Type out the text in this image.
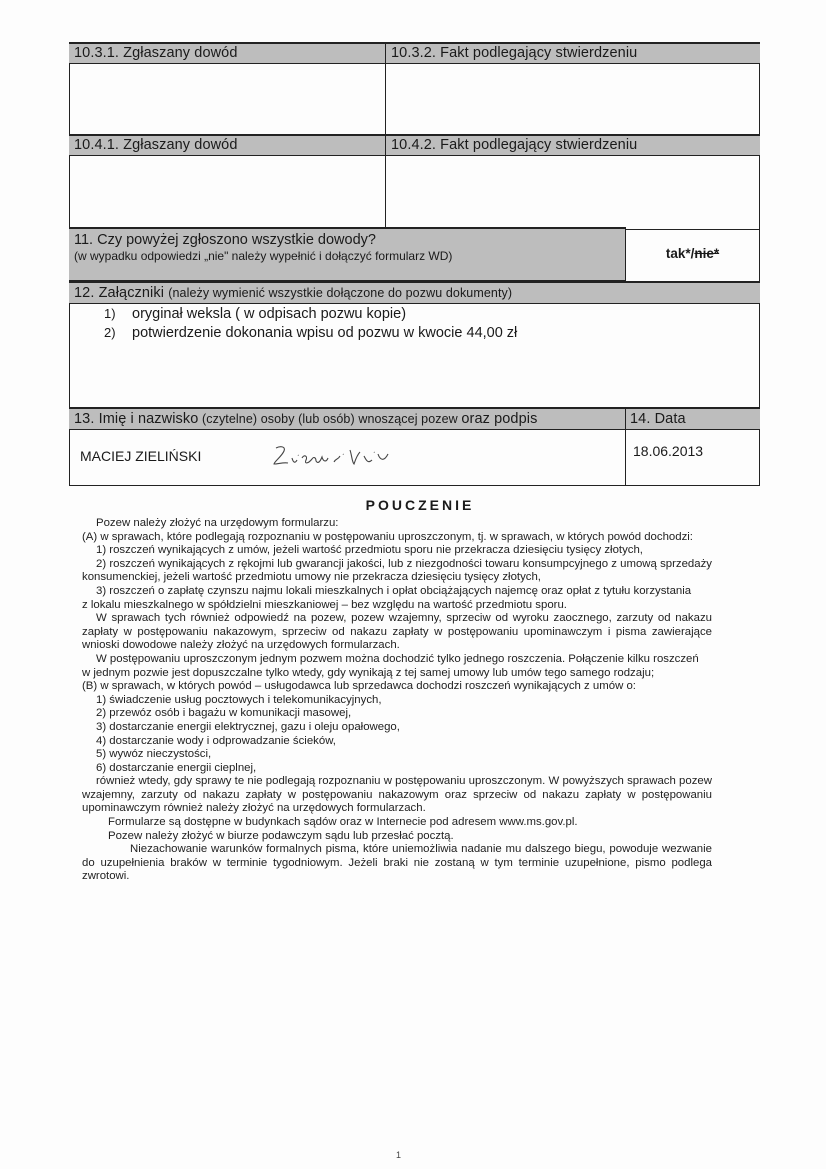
10.3.1. Zgłaszany dowód	10.3.2. Fakt podlegający stwierdzeniu
10.4.1. Zgłaszany dowód	10.4.2. Fakt podlegający stwierdzeniu
11. Czy powyżej zgłoszono wszystkie dowody?
(w wypadku odpowiedzi „nie" należy wypełnić i dołączyć formularz WD)	tak*/nie*
12. Załączniki (należy wymienić wszystkie dołączone do pozwu dokumenty)
1) oryginał weksla ( w odpisach pozwu kopie)
2) potwierdzenie dokonania wpisu od pozwu w kwocie 44,00 zł
13. Imię i nazwisko (czytelne) osoby (lub osób) wnoszącej pozew oraz podpis	14. Data
MACIEJ ZIELIŃSKI	18.06.2013
POUCZENIE

Pozew należy złożyć na urzędowym formularzu:

(A) w sprawach, które podlegają rozpoznaniu w postępowaniu uproszczonym, tj. w sprawach, w których powód dochodzi:

1) roszczeń wynikających z umów, jeżeli wartość przedmiotu sporu nie przekracza dziesięciu tysięcy złotych,

2) roszczeń wynikających z rękojmi lub gwarancji jakości, lub z niezgodności towaru konsumpcyjnego z umową sprzedaży konsumenckiej, jeżeli wartość przedmiotu umowy nie przekracza dziesięciu tysięcy złotych,

3) roszczeń o zapłatę czynszu najmu lokali mieszkalnych i opłat obciążających najemcę oraz opłat z tytułu korzystania

z lokalu mieszkalnego w spółdzielni mieszkaniowej – bez względu na wartość przedmiotu sporu.

W sprawach tych również odpowiedź na pozew, pozew wzajemny, sprzeciw od wyroku zaocznego, zarzuty od nakazu zapłaty w postępowaniu nakazowym, sprzeciw od nakazu zapłaty w postępowaniu upominawczym i pisma zawierające wnioski dowodowe należy złożyć na urzędowych formularzach.

W postępowaniu uproszczonym jednym pozwem można dochodzić tylko jednego roszczenia. Połączenie kilku roszczeń

w jednym pozwie jest dopuszczalne tylko wtedy, gdy wynikają z tej samej umowy lub umów tego samego rodzaju;

(B) w sprawach, w których powód – usługodawca lub sprzedawca dochodzi roszczeń wynikających z umów o:

1) świadczenie usług pocztowych i telekomunikacyjnych,

2) przewóz osób i bagażu w komunikacji masowej,

3) dostarczanie energii elektrycznej, gazu i oleju opałowego,

4) dostarczanie wody i odprowadzanie ścieków,

5) wywóz nieczystości,

6) dostarczanie energii cieplnej,

również wtedy, gdy sprawy te nie podlegają rozpoznaniu w postępowaniu uproszczonym. W powyższych sprawach pozew wzajemny, zarzuty od nakazu zapłaty w postępowaniu nakazowym oraz sprzeciw od nakazu zapłaty w postępowaniu upominawczym również należy złożyć na urzędowych formularzach.

Formularze są dostępne w budynkach sądów oraz w Internecie pod adresem www.ms.gov.pl.

Pozew należy złożyć w biurze podawczym sądu lub przesłać pocztą.

Niezachowanie warunków formalnych pisma, które uniemożliwia nadanie mu dalszego biegu, powoduje wezwanie do uzupełnienia braków w terminie tygodniowym. Jeżeli braki nie zostaną w tym terminie uzupełnione, pismo podlega zwrotowi.

1
